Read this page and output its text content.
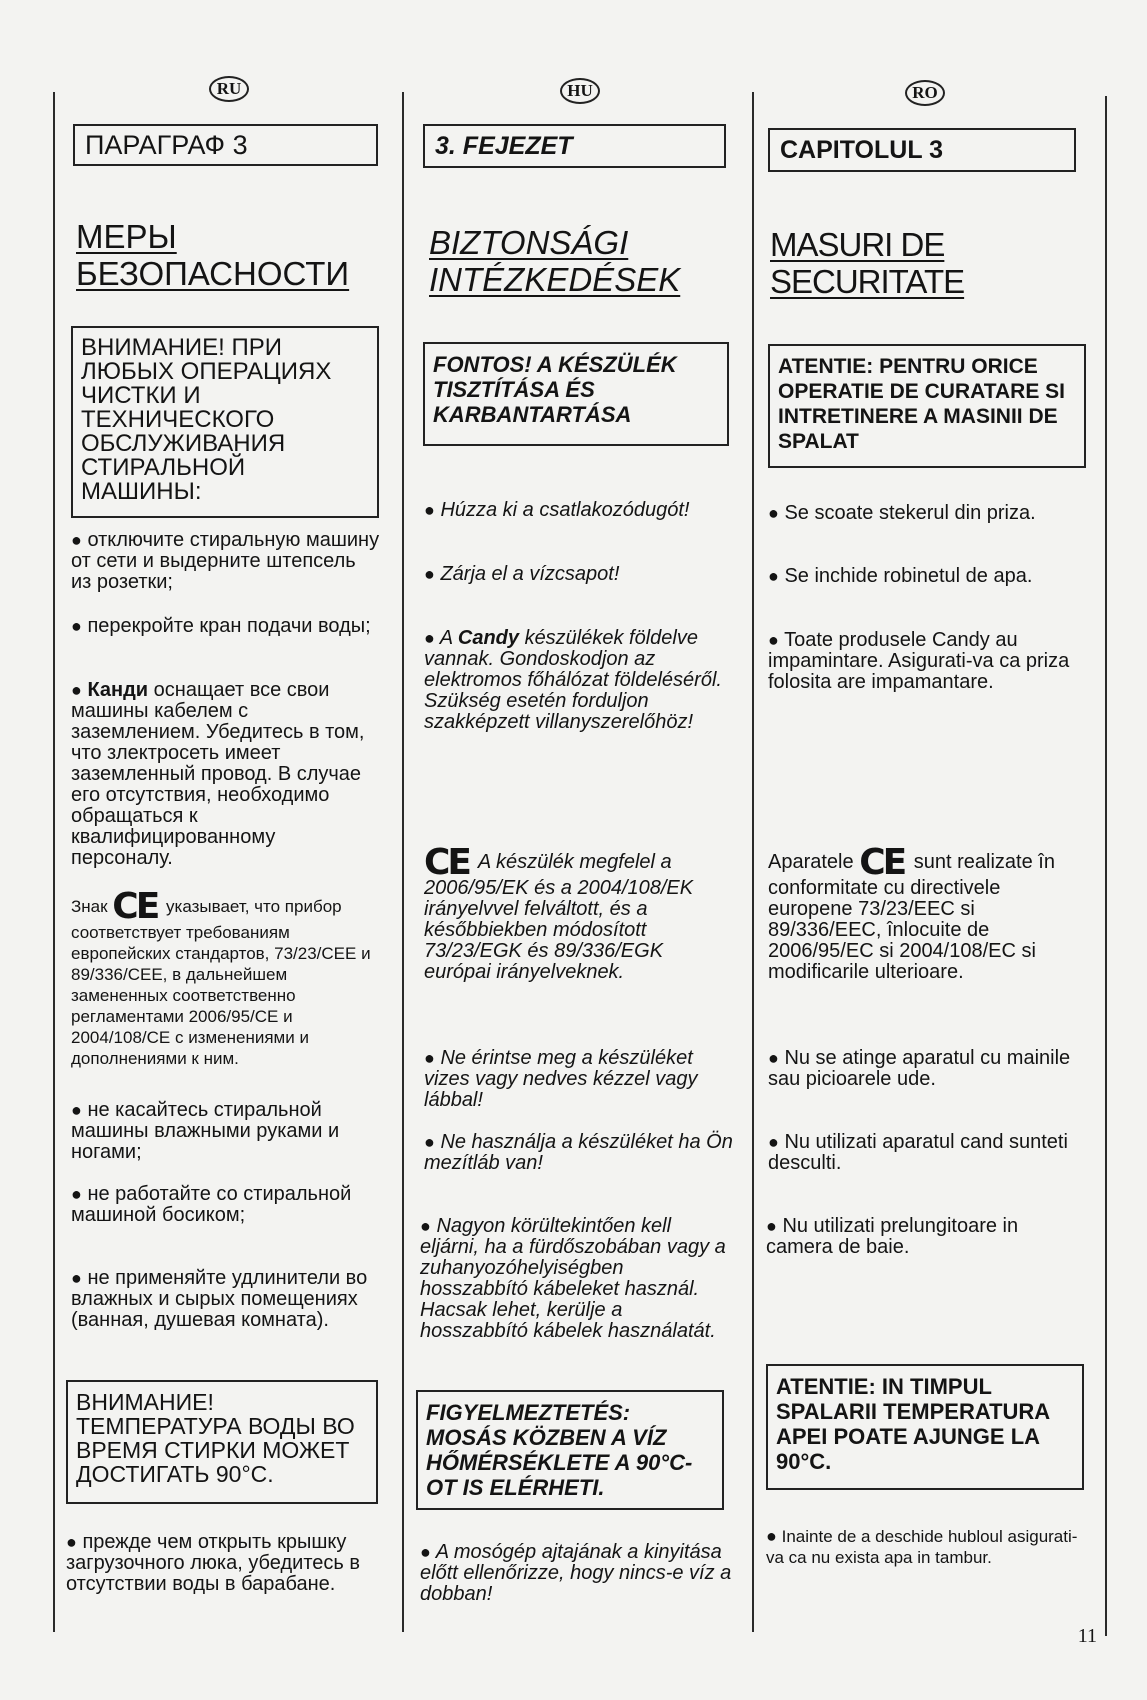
RU
ПАРАГРАФ 3
МЕРЫ БЕЗОПАСНОСТИ
ВНИМАНИЕ! ПРИ ЛЮБЫХ ОПЕРАЦИЯХ ЧИСТКИ И ТЕХНИЧЕСКОГО ОБСЛУЖИВАНИЯ СТИРАЛЬНОЙ МАШИНЫ:
● отключите стиральную машину от сети и выдерните штепсель из розетки;
● перекройте кран подачи воды;
● Канди оснащает все свои машины кабелем с заземлением. Убедитесь в том, что злектросеть имеет заземленный провод. В случае его отсутствия, необходимо обращаться к квалифицированному персоналу.
Знак CE указывает, что прибор соответствует требованиям европейских стандартов, 73/23/CEE и 89/336/CEE, в дальнейшем замененных соответственно регламентами 2006/95/CE и 2004/108/CE с изменениями и дополнениями к ним.
● не касайтесь стиральной машины влажными руками и ногами;
● не работайте со стиральной машиной босиком;
● не применяйте удлинители во влажных и сырых помещениях (ванная, душевая комната).
ВНИМАНИЕ! ТЕМПЕРАТУРА ВОДЫ ВО ВРЕМЯ СТИРКИ МОЖЕТ ДОСТИГАТЬ 90°С.
● прежде чем открыть крышку загрузочного люка, убедитесь в отсутствии воды в барабане.
HU
3. FEJEZET
BIZTONSÁGI INTÉZKEDÉSEK
FONTOS! A KÉSZÜLÉK TISZTÍTÁSA ÉS KARBANTARTÁSA
● Húzza ki a csatlakozódugót!
● Zárja el a vízcsapot!
● A Candy készülékek földelve vannak. Gondoskodjon az elektromos főhálózat földeléséről. Szükség esetén forduljon szakképzett villanyszerelőhöz!
CE A készülék megfelel a 2006/95/EK és a 2004/108/EK irányelvvel felváltott, és a későbbiekben módosított 73/23/EGK és 89/336/EGK európai irányelveknek.
● Ne érintse meg a készüléket vizes vagy nedves kézzel vagy lábbal!
● Ne használja a készüléket ha Ön mezítláb van!
● Nagyon körültekintően kell eljárni, ha a fürdőszobában vagy a zuhanyozóhelyiségben hosszabbító kábeleket használ. Hacsak lehet, kerülje a hosszabbító kábelek használatát.
FIGYELMEZTETÉS: MOSÁS KÖZBEN A VÍZ HŐMÉRSÉKLETE A 90°C-OT IS ELÉRHETI.
● A mosógép ajtajának a kinyitása előtt ellenőrizze, hogy nincs-e víz a dobban!
RO
CAPITOLUL 3
MASURI DE SECURITATE
ATENTIE: PENTRU ORICE OPERATIE DE CURATARE SI INTRETINERE A MASINII DE SPALAT
● Se scoate stekerul din priza.
● Se inchide robinetul de apa.
● Toate produsele Candy au impamintare. Asigurati-va ca priza folosita are impamantare.
Aparatele CE sunt realizate în conformitate cu directivele europene 73/23/EEC si 89/336/EEC, înlocuite de 2006/95/EC si 2004/108/EC si modificarile ulterioare.
● Nu se atinge aparatul cu mainile sau picioarele ude.
● Nu utilizati aparatul cand sunteti desculti.
● Nu utilizati prelungitoare in camera de baie.
ATENTIE: IN TIMPUL SPALARII TEMPERATURA APEI POATE AJUNGE LA 90°C.
● Inainte de a deschide hubloul asigurati-va ca nu exista apa in tambur.
11
